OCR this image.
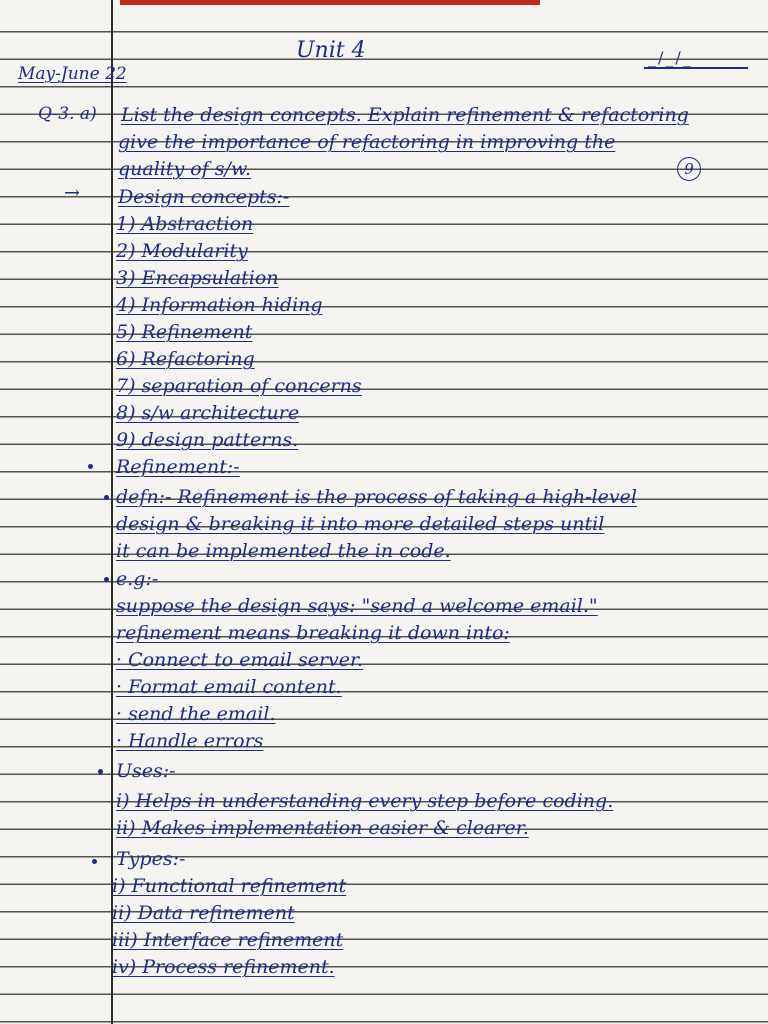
Unit 4	_/_/_
May-June 22
Q-3. a) List the design concepts. Explain refinement & refactoring
give the importance of refactoring in improving the
quality of s/w.	9
→ Design concepts:-
1) Abstraction
2) Modularity
3) Encapsulation
4) Information hiding
5) Refinement
6) Refactoring
7) separation of concerns
8) s/w architecture
9) design patterns.
Refinement:-
defn:- Refinement is the process of taking a high-level
design & breaking it into more detailed steps until
it can be implemented the in code.
e.g:-
suppose the design says: "send a welcome email."
refinement means breaking it down into:
· Connect to email server.
· Format email content.
· send the email.
· Handle errors
Uses:-
i) Helps in understanding every step before coding.
ii) Makes implementation easier & clearer.
Types:-
i) Functional refinement
ii) Data refinement
iii) Interface refinement
iv) Process refinement.
